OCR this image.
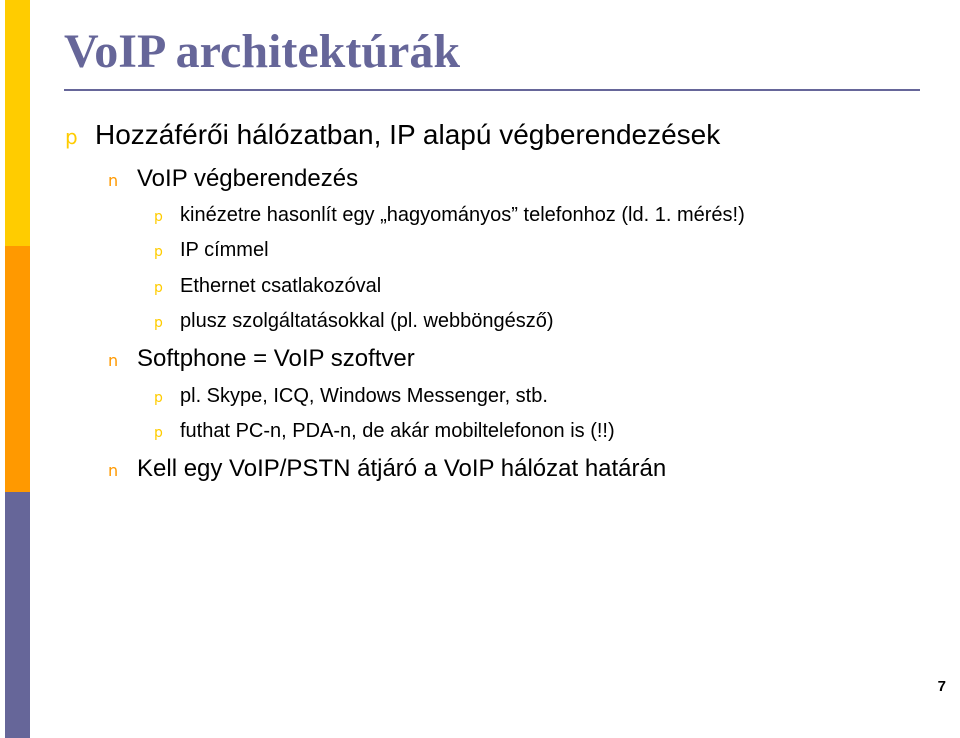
VoIP architektúrák
p Hozzáférői hálózatban, IP alapú végberendezések
n VoIP végberendezés
p kinézetre hasonlít egy „hagyományos” telefonhoz (ld. 1. mérés!)
p IP címmel
p Ethernet csatlakozóval
p plusz szolgáltatásokkal (pl. webböngésző)
n Softphone = VoIP szoftver
p pl. Skype, ICQ, Windows Messenger, stb.
p futhat PC-n, PDA-n, de akár mobiltelefonon is (!!)
n Kell egy VoIP/PSTN átjáró a VoIP hálózat határán
7
